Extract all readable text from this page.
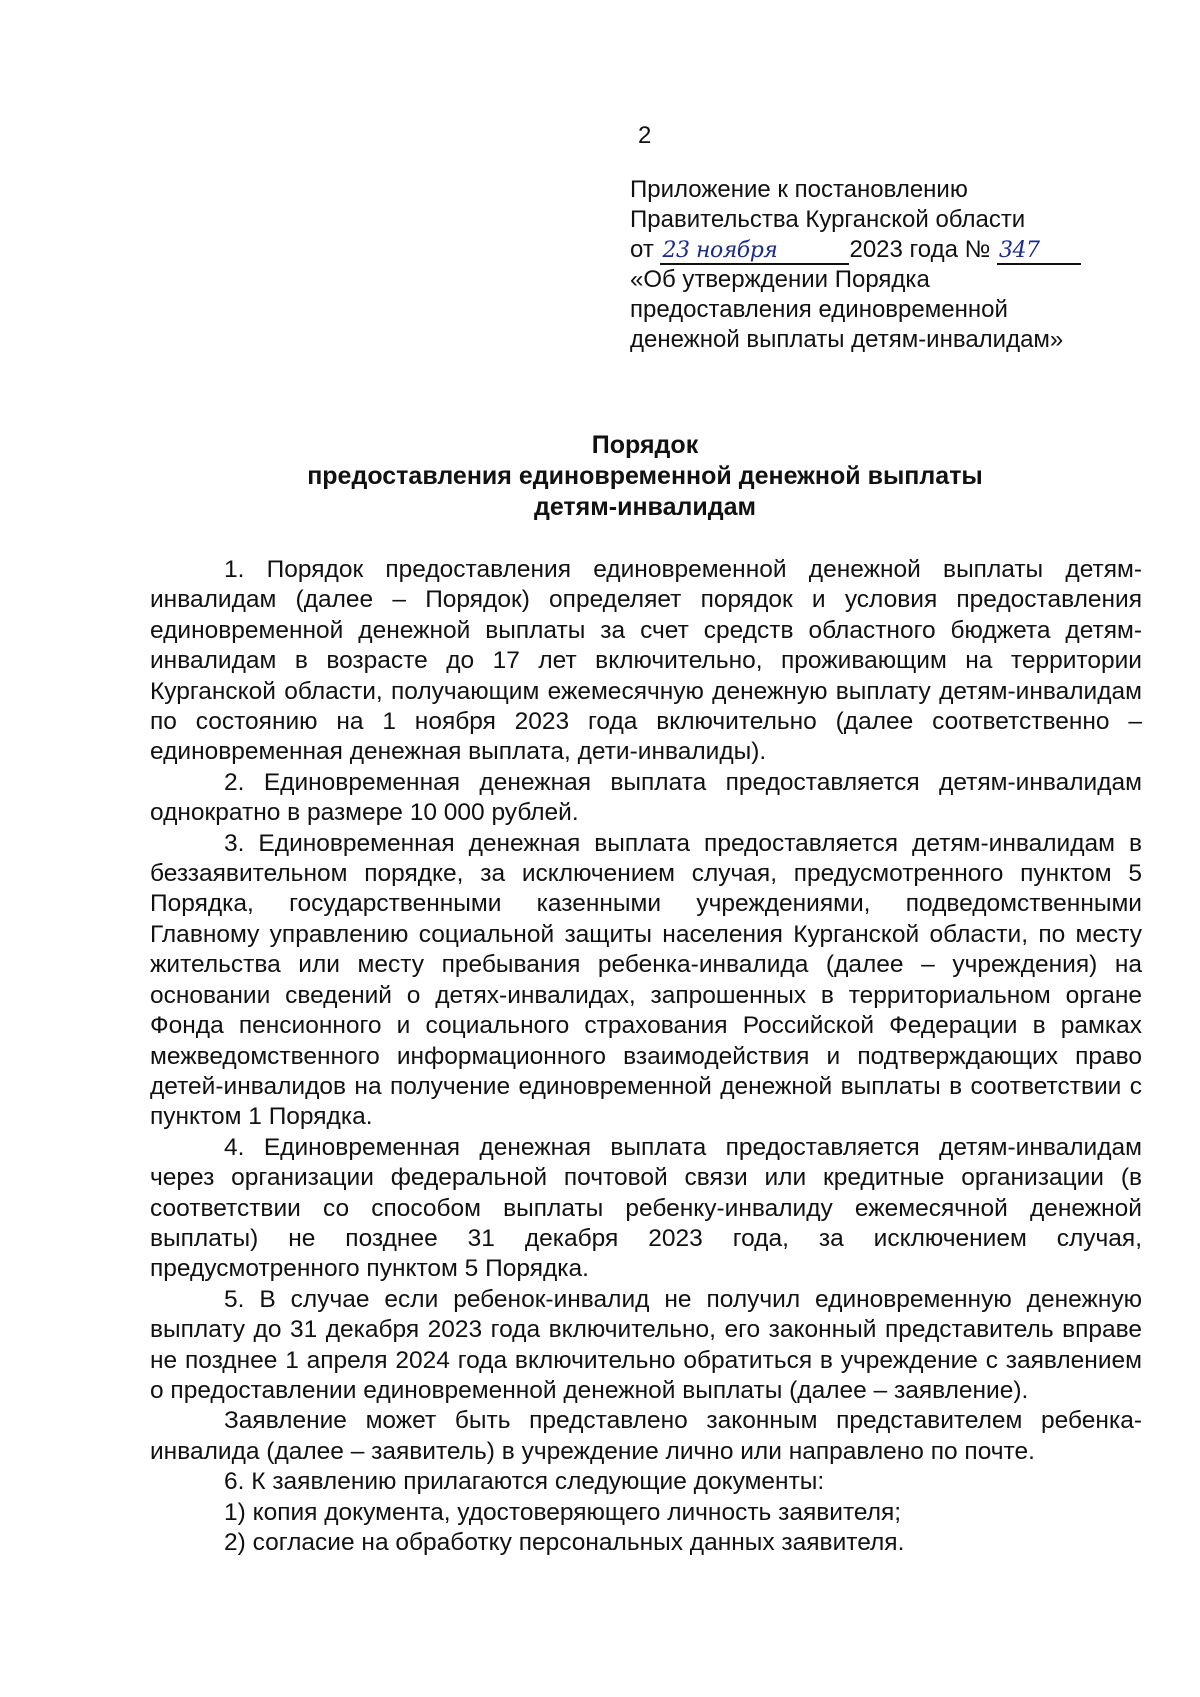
2
Приложение к постановлению
Правительства Курганской области
от 23 ноября	2023 года № 347
«Об утверждении Порядка
предоставления единовременной
денежной выплаты детям-инвалидам»
Порядок
предоставления единовременной денежной выплаты
детям-инвалидам

1. Порядок предоставления единовременной денежной выплаты детям-инвалидам (далее – Порядок) определяет порядок и условия предоставления единовременной денежной выплаты за счет средств областного бюджета детям-инвалидам в возрасте до 17 лет включительно, проживающим на территории Курганской области, получающим ежемесячную денежную выплату детям-инвалидам по состоянию на 1 ноября 2023 года включительно (далее соответственно – единовременная денежная выплата, дети-инвалиды).

2. Единовременная денежная выплата предоставляется детям-инвалидам однократно в размере 10 000 рублей.

3. Единовременная денежная выплата предоставляется детям-инвалидам в беззаявительном порядке, за исключением случая, предусмотренного пунктом 5 Порядка, государственными казенными учреждениями, подведомственными Главному управлению социальной защиты населения Курганской области, по месту жительства или месту пребывания ребенка-инвалида (далее – учреждения) на основании сведений о детях-инвалидах, запрошенных в территориальном органе Фонда пенсионного и социального страхования Российской Федерации в рамках межведомственного информационного взаимодействия и подтверждающих право детей-инвалидов на получение единовременной денежной выплаты в соответствии с пунктом 1 Порядка.

4. Единовременная денежная выплата предоставляется детям-инвалидам через организации федеральной почтовой связи или кредитные организации (в соответствии со способом выплаты ребенку-инвалиду ежемесячной денежной выплаты) не позднее 31 декабря 2023 года, за исключением случая, предусмотренного пунктом 5 Порядка.

5. В случае если ребенок-инвалид не получил единовременную денежную выплату до 31 декабря 2023 года включительно, его законный представитель вправе не позднее 1 апреля 2024 года включительно обратиться в учреждение с заявлением о предоставлении единовременной денежной выплаты (далее – заявление).

Заявление может быть представлено законным представителем ребенка-инвалида (далее – заявитель) в учреждение лично или направлено по почте.

6. К заявлению прилагаются следующие документы:

1) копия документа, удостоверяющего личность заявителя;

2) согласие на обработку персональных данных заявителя.
